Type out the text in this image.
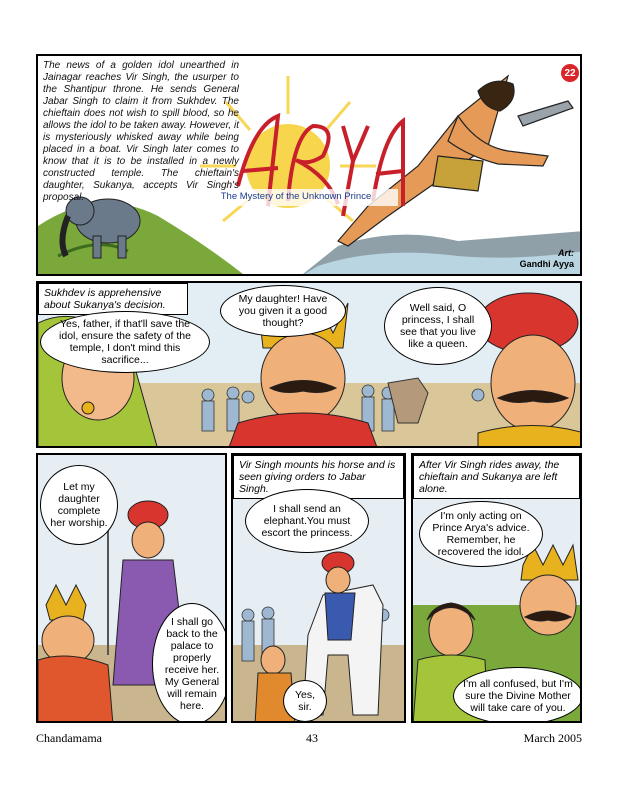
The news of a golden idol unearthed in Jainagar reaches Vir Singh, the usurper to the Shantipur throne. He sends General Jabar Singh to claim it from Sukhdev. The chieftain does not wish to spill blood, so he allows the idol to be taken away. However, it is mysteriously whisked away while being placed in a boat. Vir Singh later comes to know that it is to be installed in a newly constructed temple. The chieftain's daughter, Sukanya, accepts Vir Singh's proposal.	The Mystery of the Unknown Prince
22
Art:
Gandhi Ayya
Sukhdev is apprehensive about Sukanya's decision.
Yes, father, if that'll save the idol, ensure the safety of the temple, I don't mind this sacrifice...
My daughter! Have you given it a good thought?
Well said, O princess, I shall see that you live like a queen.
Let my daughter complete her worship.
I shall go back to the palace to properly receive her. My General will remain here.
Vir Singh mounts his horse and is seen giving orders to Jabar Singh.
I shall send an elephant.You must escort the princess.
Yes, sir.
After Vir Singh rides away, the chieftain and Sukanya are left alone.
I'm only acting on Prince Arya's advice. Remember, he recovered the idol.
I'm all confused, but I'm sure the Divine Mother will take care of you.
Chandamama	43	March 2005
